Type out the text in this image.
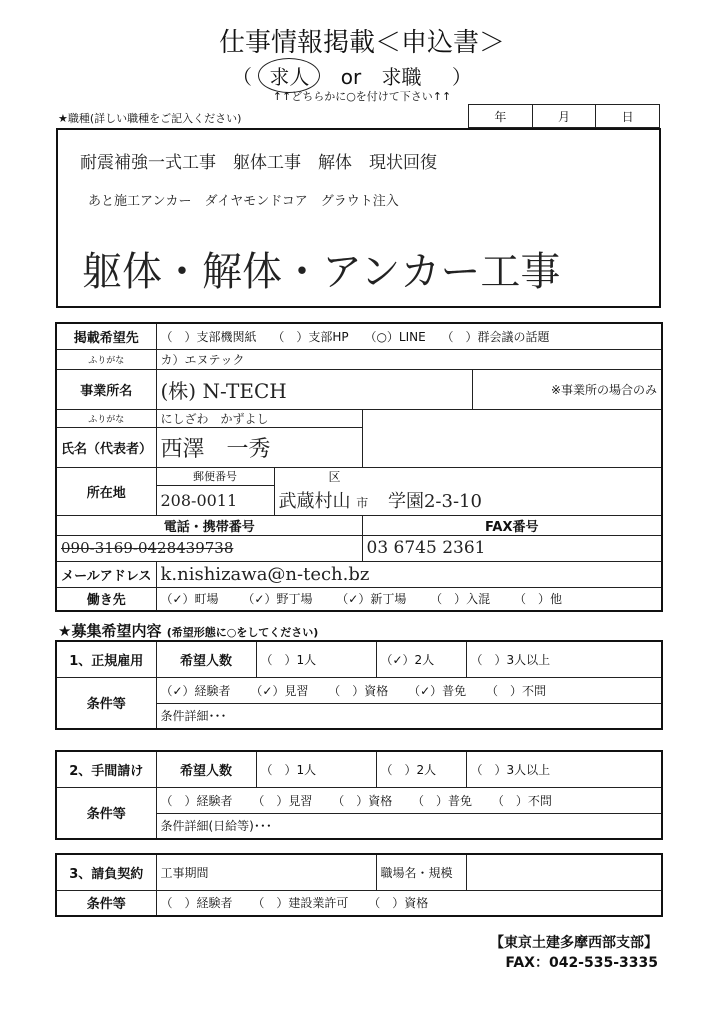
仕事情報掲載＜申込書＞
（ 求人 or 求職 ）
↑↑どちらかに○を付けて下さい↑↑
★職種(詳しい職種をご記入ください)	年	月	日
耐震補強一式工事　躯体工事　解体　現状回復
あと施工アンカー　ダイヤモンドコア　グラウト注入
躯体・解体・アンカー工事
掲載希望先	（　）支部機関紙 （　）支部HP （○）LINE （　）群会議の話題			
ふりがな	カ）エヌテック			
事業所名	(株) N-TECH			※事業所の場合のみ
ふりがな	にしざわ　かずよし			
氏名（代表者）	西澤　一秀			
所在地	郵便番号	区		
	208-0011	武蔵村山 市 学園2-3-10		
電話・携帯番号			FAX番号	
090-3169-0428439738			03 6745 2361	
メールアドレス	k.nishizawa@n-tech.bz			
働き先	（✓）町場 （✓）野丁場 （✓）新丁場 （　）入混 （　）他			
★募集希望内容 (希望形態に○をしてください)
1、正規雇用	希望人数	（　）1人	（✓）2人	（　）3人以上
条件等	（✓）経験者 （✓）見習 （　）資格 （✓）普免 （　）不問			
	条件詳細･･･			
2、手間請け	希望人数	（　）1人	（　）2人	（　）3人以上
条件等	（　）経験者 （　）見習 （　）資格 （　）普免 （　）不問			
	条件詳細(日給等)･･･			
3、請負契約	工事期間	職場名・規模	
条件等	（　）経験者 （　）建設業許可 （　）資格		
【東京土建多摩西部支部】
FAX：042-535-3335
